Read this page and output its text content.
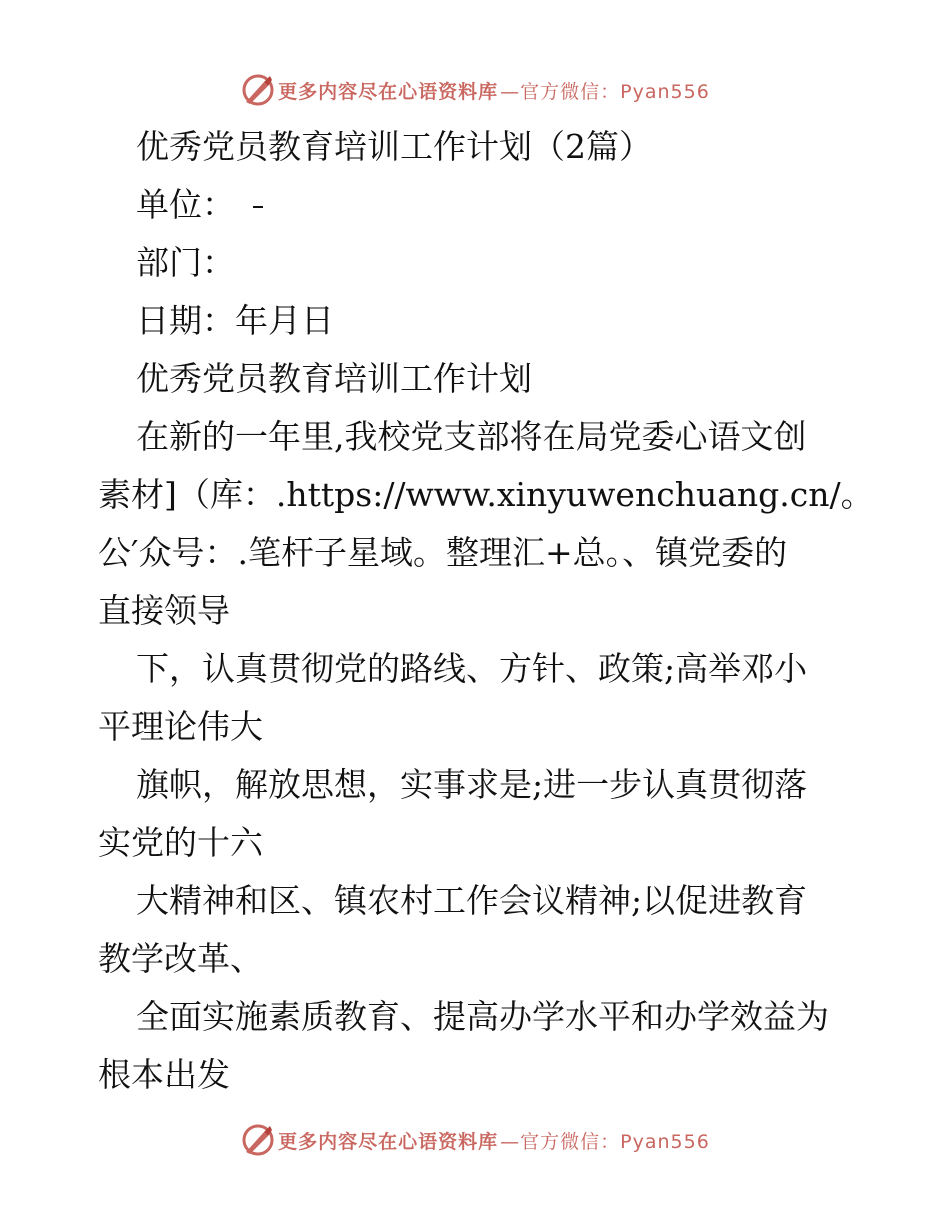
更多内容尽在心语资料库 —官方微信：Pyan556
优秀党员教育培训工作计划（2篇）
单位：
部门：
日期：年月日
优秀党员教育培训工作计划
在新的一年里,我校党支部将在局党委心语文创
素材]（库：.https://www.xinyuwenchuang.cn/。
公′众号：.笔杆子星域。整理汇+总。、镇党委的
直接领导
下，认真贯彻党的路线、方针、政策;高举邓小
平理论伟大
旗帜，解放思想，实事求是;进一步认真贯彻落
实党的十六
大精神和区、镇农村工作会议精神;以促进教育
教学改革、
全面实施素质教育、提高办学水平和办学效益为
根本出发
更多内容尽在心语资料库 —官方微信：Pyan556
